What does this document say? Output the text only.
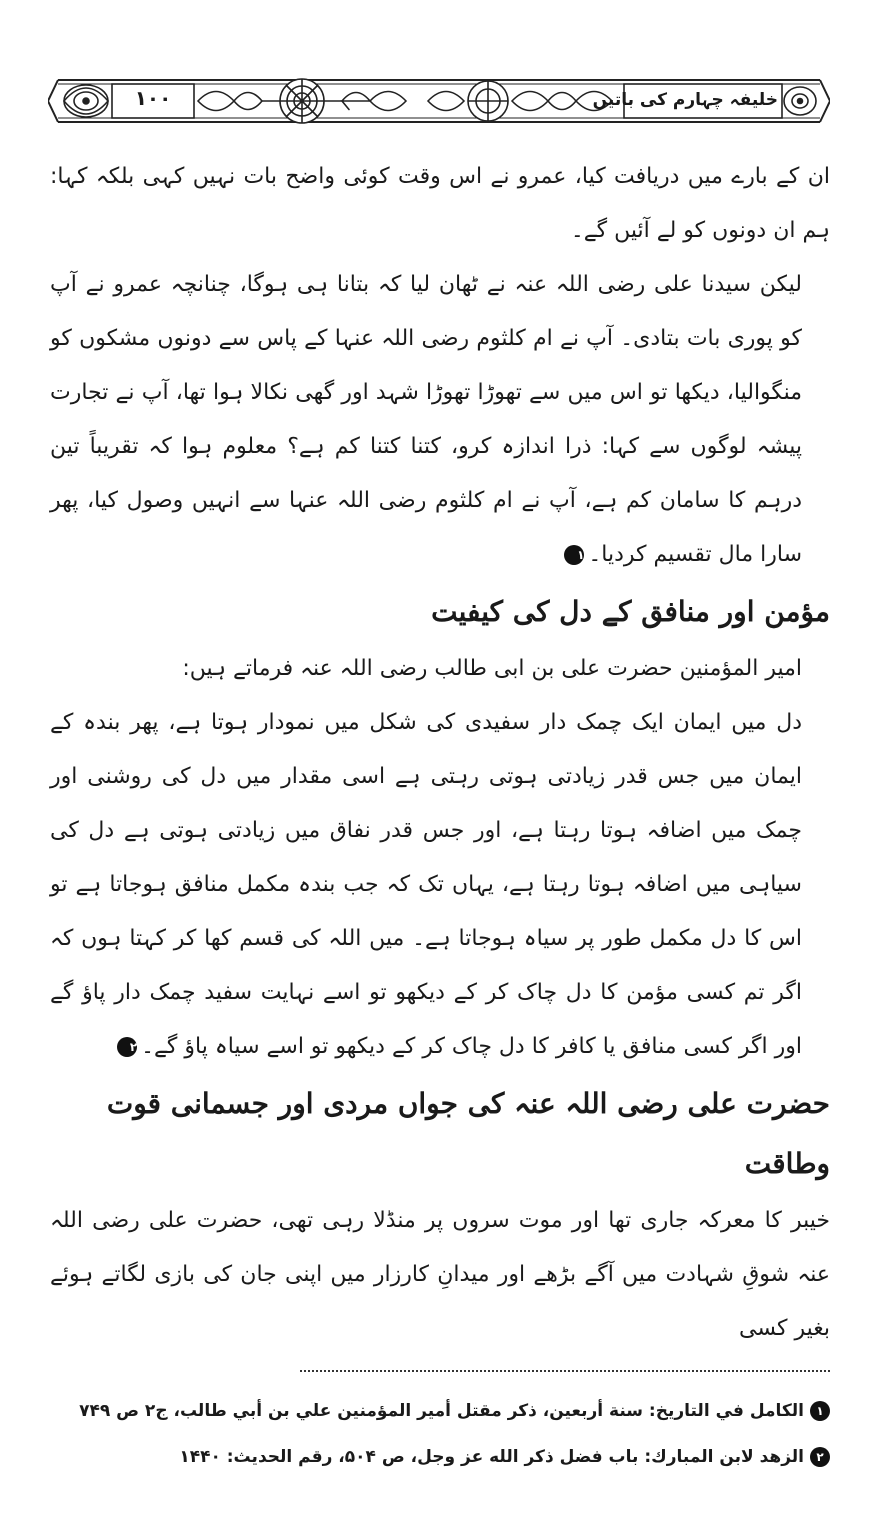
۱۰۰	خلیفہ چہارم کی باتیں

ان کے بارے میں دریافت کیا، عمرو نے اس وقت کوئی واضح بات نہیں کہی بلکہ کہا: ہم ان دونوں کو لے آئیں گے۔

لیکن سیدنا علی رضی اللہ عنہ نے ٹھان لیا کہ بتانا ہی ہوگا، چنانچہ عمرو نے آپ کو پوری بات بتادی۔ آپ نے ام کلثوم رضی اللہ عنہا کے پاس سے دونوں مشکوں کو منگوالیا، دیکھا تو اس میں سے تھوڑا تھوڑا شہد اور گھی نکالا ہوا تھا، آپ نے تجارت پیشہ لوگوں سے کہا: ذرا اندازہ کرو، کتنا کتنا کم ہے؟ معلوم ہوا کہ تقریباً تین درہم کا سامان کم ہے، آپ نے ام کلثوم رضی اللہ عنہا سے انہیں وصول کیا، پھر سارا مال تقسیم کردیا۔۱

مؤمن اور منافق کے دل کی کیفیت

امیر المؤمنین حضرت علی بن ابی طالب رضی اللہ عنہ فرماتے ہیں:

دل میں ایمان ایک چمک دار سفیدی کی شکل میں نمودار ہوتا ہے، پھر بندہ کے ایمان میں جس قدر زیادتی ہوتی رہتی ہے اسی مقدار میں دل کی روشنی اور چمک میں اضافہ ہوتا رہتا ہے، اور جس قدر نفاق میں زیادتی ہوتی ہے دل کی سیاہی میں اضافہ ہوتا رہتا ہے، یہاں تک کہ جب بندہ مکمل منافق ہوجاتا ہے تو اس کا دل مکمل طور پر سیاہ ہوجاتا ہے۔ میں اللہ کی قسم کھا کر کہتا ہوں کہ اگر تم کسی مؤمن کا دل چاک کر کے دیکھو تو اسے نہایت سفید چمک دار پاؤ گے اور اگر کسی منافق یا کافر کا دل چاک کر کے دیکھو تو اسے سیاہ پاؤ گے۔۲

حضرت علی رضی اللہ عنہ کی جواں مردی اور جسمانی قوت وطاقت

خیبر کا معرکہ جاری تھا اور موت سروں پر منڈلا رہی تھی، حضرت علی رضی اللہ عنہ شوقِ شہادت میں آگے بڑھے اور میدانِ کارزار میں اپنی جان کی بازی لگاتے ہوئے بغیر کسی

۱الكامل في التاريخ: سنة أربعين، ذكر مقتل أمير المؤمنين علي بن أبي طالب، ج۲ ص ۷۴۹
۲الزهد لابن المبارك: باب فضل ذكر الله عز وجل، ص ۵۰۴، رقم الحديث: ۱۴۴۰
